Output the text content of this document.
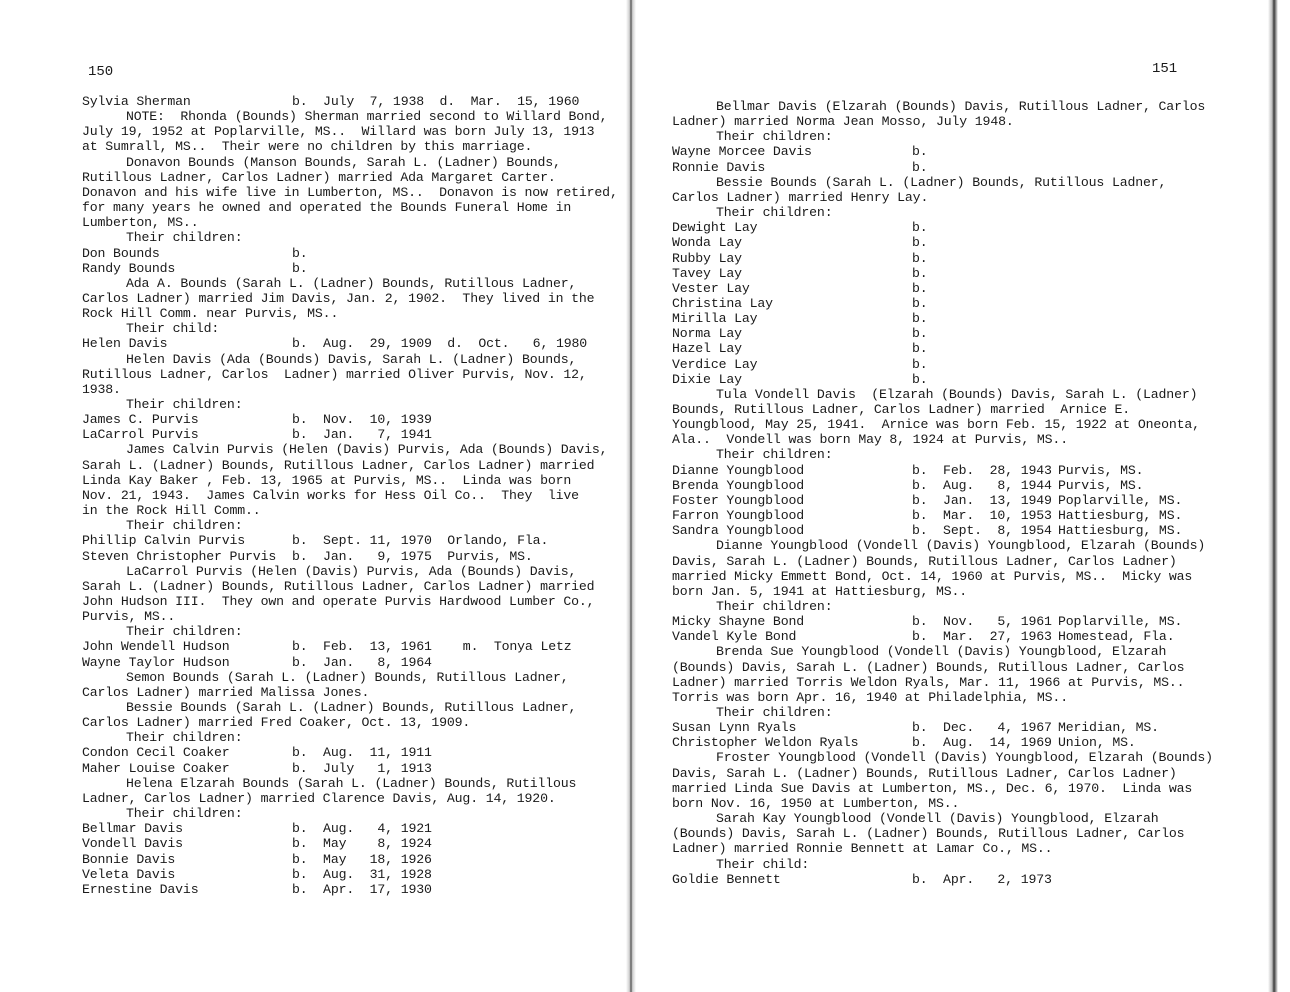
150
Sylvia Sherman	b.  July  7, 1938  d.  Mar.  15, 1960
NOTE:  Rhonda (Bounds) Sherman married second to Willard Bond,
July 19, 1952 at Poplarville, MS..  Willard was born July 13, 1913
at Sumrall, MS..  Their were no children by this marriage.
Donavon Bounds (Manson Bounds, Sarah L. (Ladner) Bounds,
Rutillous Ladner, Carlos Ladner) married Ada Margaret Carter.
Donavon and his wife live in Lumberton, MS..  Donavon is now retired,
for many years he owned and operated the Bounds Funeral Home in
Lumberton, MS..
Their children:
Don Bounds	b.
Randy Bounds	b.
Ada A. Bounds (Sarah L. (Ladner) Bounds, Rutillous Ladner,
Carlos Ladner) married Jim Davis, Jan. 2, 1902.  They lived in the
Rock Hill Comm. near Purvis, MS..
Their child:
Helen Davis	b.  Aug.  29, 1909  d.  Oct.   6, 1980
Helen Davis (Ada (Bounds) Davis, Sarah L. (Ladner) Bounds,
Rutillous Ladner, Carlos  Ladner) married Oliver Purvis, Nov. 12,
1938.
Their children:
James C. Purvis	b.  Nov.  10, 1939
LaCarrol Purvis	b.  Jan.   7, 1941
James Calvin Purvis (Helen (Davis) Purvis, Ada (Bounds) Davis,
Sarah L. (Ladner) Bounds, Rutillous Ladner, Carlos Ladner) married
Linda Kay Baker , Feb. 13, 1965 at Purvis, MS..  Linda was born
Nov. 21, 1943.  James Calvin works for Hess Oil Co..  They  live
in the Rock Hill Comm..
Their children:
Phillip Calvin Purvis	b.  Sept. 11, 1970  Orlando, Fla.
Steven Christopher Purvis b.  Jan.   9, 1975  Purvis, MS.
LaCarrol Purvis (Helen (Davis) Purvis, Ada (Bounds) Davis,
Sarah L. (Ladner) Bounds, Rutillous Ladner, Carlos Ladner) married
John Hudson III.  They own and operate Purvis Hardwood Lumber Co.,
Purvis, MS..
Their children:
John Wendell Hudson	b.  Feb.  13, 1961    m.  Tonya Letz
Wayne Taylor Hudson	b.  Jan.   8, 1964
Semon Bounds (Sarah L. (Ladner) Bounds, Rutillous Ladner,
Carlos Ladner) married Malissa Jones.
Bessie Bounds (Sarah L. (Ladner) Bounds, Rutillous Ladner,
Carlos Ladner) married Fred Coaker, Oct. 13, 1909.
Their children:
Condon Cecil Coaker	b.  Aug.  11, 1911
Maher Louise Coaker	b.  July   1, 1913
Helena Elzarah Bounds (Sarah L. (Ladner) Bounds, Rutillous
Ladner, Carlos Ladner) married Clarence Davis, Aug. 14, 1920.
Their children:
Bellmar Davis	b.  Aug.   4, 1921
Vondell Davis	b.  May    8, 1924
Bonnie Davis	b.  May   18, 1926
Veleta Davis	b.  Aug.  31, 1928
Ernestine Davis	b.  Apr.  17, 1930
151
Bellmar Davis (Elzarah (Bounds) Davis, Rutillous Ladner, Carlos
Ladner) married Norma Jean Mosso, July 1948.
Their children:
Wayne Morcee Davis	b.
Ronnie Davis	b.
Bessie Bounds (Sarah L. (Ladner) Bounds, Rutillous Ladner,
Carlos Ladner) married Henry Lay.
Their children:
Dewight Lay	b.
Wonda Lay	b.
Rubby Lay	b.
Tavey Lay	b.
Vester Lay	b.
Christina Lay	b.
Mirilla Lay	b.
Norma Lay	b.
Hazel Lay	b.
Verdice Lay	b.
Dixie Lay	b.
Tula Vondell Davis  (Elzarah (Bounds) Davis, Sarah L. (Ladner)
Bounds, Rutillous Ladner, Carlos Ladner) married  Arnice E.
Youngblood, May 25, 1941.  Arnice was born Feb. 15, 1922 at Oneonta,
Ala..  Vondell was born May 8, 1924 at Purvis, MS..
Their children:
Dianne Youngblood	b.  Feb.  28, 1943 Purvis, MS.
Brenda Youngblood	b.  Aug.   8, 1944 Purvis, MS.
Foster Youngblood	b.  Jan.  13, 1949 Poplarville, MS.
Farron Youngblood	b.  Mar.  10, 1953 Hattiesburg, MS.
Sandra Youngblood	b.  Sept.  8, 1954 Hattiesburg, MS.
Dianne Youngblood (Vondell (Davis) Youngblood, Elzarah (Bounds)
Davis, Sarah L. (Ladner) Bounds, Rutillous Ladner, Carlos Ladner)
married Micky Emmett Bond, Oct. 14, 1960 at Purvis, MS..  Micky was
born Jan. 5, 1941 at Hattiesburg, MS..
Their children:
Micky Shayne Bond	b.  Nov.   5, 1961 Poplarville, MS.
Vandel Kyle Bond	b.  Mar.  27, 1963 Homestead, Fla.
Brenda Sue Youngblood (Vondell (Davis) Youngblood, Elzarah
(Bounds) Davis, Sarah L. (Ladner) Bounds, Rutillous Ladner, Carlos
Ladner) married Torris Weldon Ryals, Mar. 11, 1966 at Purvis, MS..
Torris was born Apr. 16, 1940 at Philadelphia, MS..
Their children:
Susan Lynn Ryals	b.  Dec.   4, 1967 Meridian, MS.
Christopher Weldon Ryals	b.  Aug.  14, 1969 Union, MS.
Froster Youngblood (Vondell (Davis) Youngblood, Elzarah (Bounds)
Davis, Sarah L. (Ladner) Bounds, Rutillous Ladner, Carlos Ladner)
married Linda Sue Davis at Lumberton, MS., Dec. 6, 1970.  Linda was
born Nov. 16, 1950 at Lumberton, MS..
Sarah Kay Youngblood (Vondell (Davis) Youngblood, Elzarah
(Bounds) Davis, Sarah L. (Ladner) Bounds, Rutillous Ladner, Carlos
Ladner) married Ronnie Bennett at Lamar Co., MS..
Their child:
Goldie Bennett	b.  Apr.   2, 1973
